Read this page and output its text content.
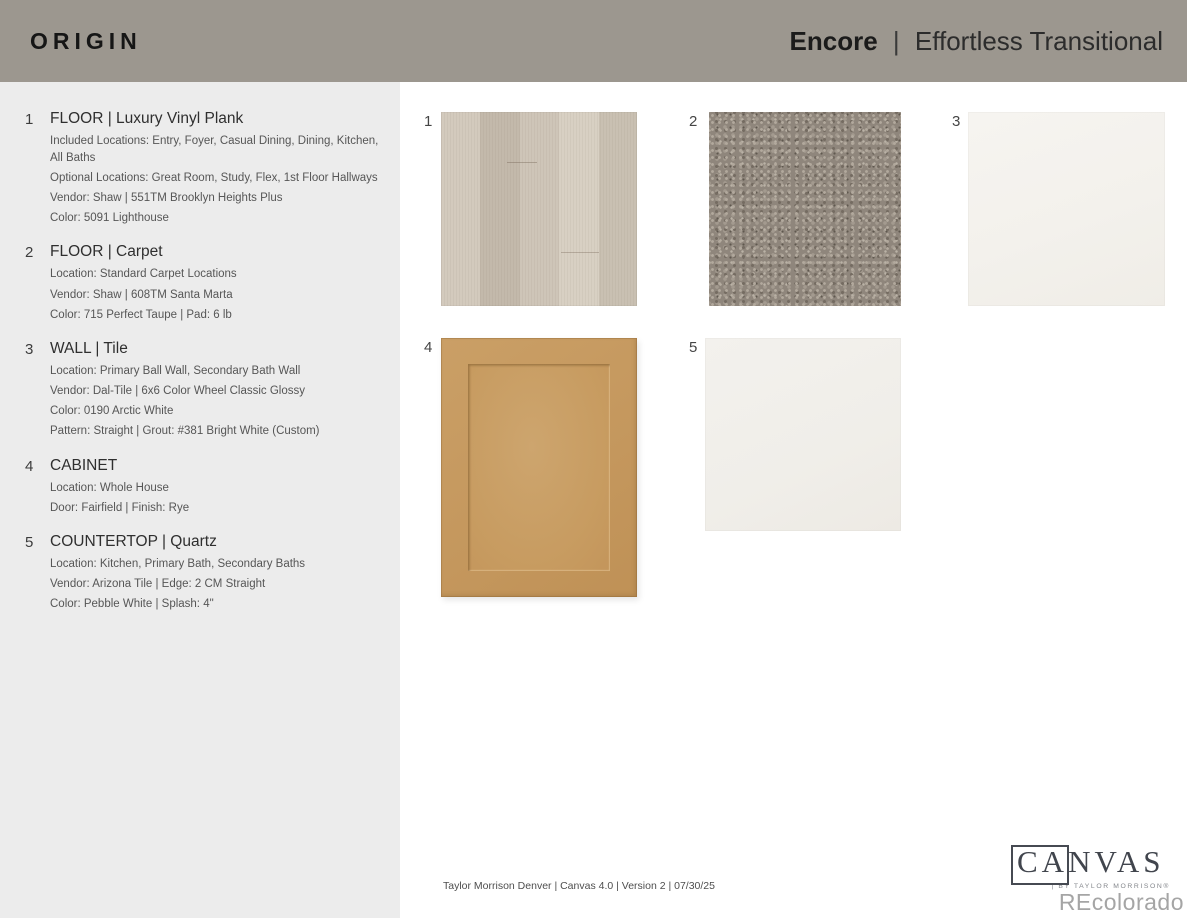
ORIGIN	Encore | Effortless Transitional
1	FLOOR | Luxury Vinyl Plank
Included Locations: Entry, Foyer, Casual Dining, Dining, Kitchen, All Baths
Optional Locations: Great Room, Study, Flex, 1st Floor Hallways
Vendor: Shaw | 551TM Brooklyn Heights Plus
Color: 5091 Lighthouse
2	FLOOR | Carpet
Location: Standard Carpet Locations
Vendor: Shaw | 608TM Santa Marta
Color: 715 Perfect Taupe | Pad: 6 lb
3	WALL | Tile
Location: Primary Ball Wall, Secondary Bath Wall
Vendor: Dal-Tile | 6x6 Color Wheel Classic Glossy
Color: 0190 Arctic White
Pattern: Straight | Grout: #381 Bright White (Custom)
4	CABINET
Location: Whole House
Door: Fairfield | Finish: Rye
5	COUNTERTOP | Quartz
Location: Kitchen, Primary Bath, Secondary Baths
Vendor: Arizona Tile | Edge: 2 CM Straight
Color: Pebble White | Splash: 4"
1	2	3
4	5
Taylor Morrison Denver | Canvas 4.0 | Version 2 | 07/30/25
CANVAS
| BY TAYLOR MORRISON®
REcolorado
